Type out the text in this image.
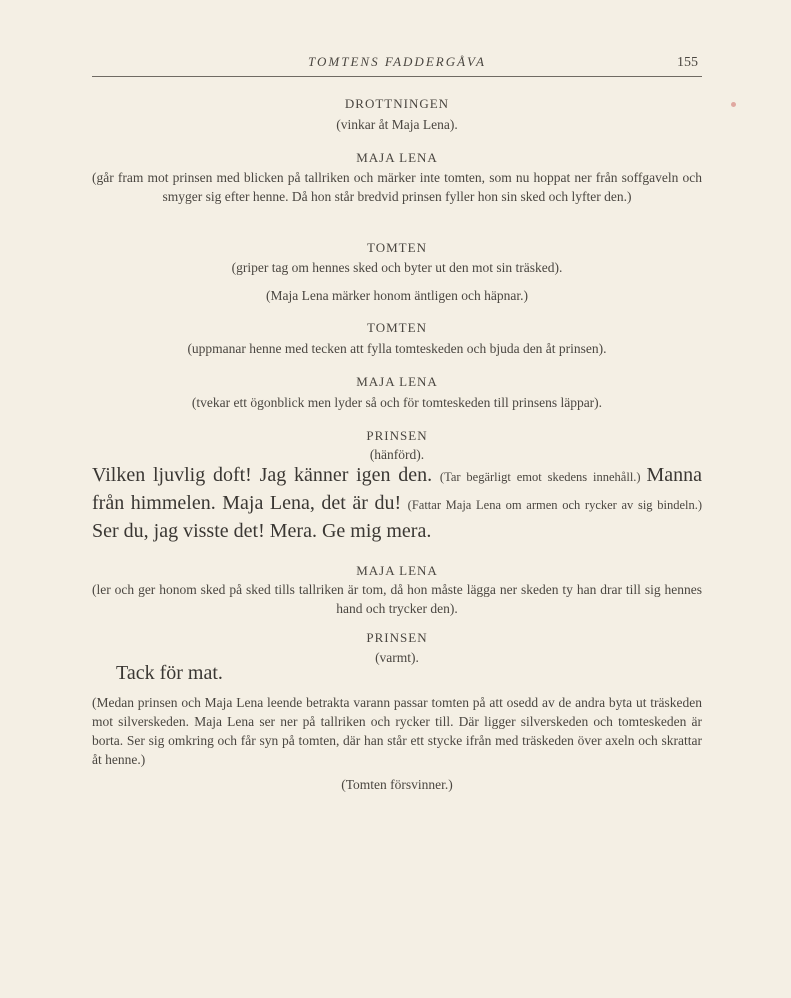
TOMTENS FADDERGÅVA	155
DROTTNINGEN
(vinkar åt Maja Lena).
MAJA LENA
(går fram mot prinsen med blicken på tallriken och märker inte tomten, som nu hoppat ner från soffgaveln och smyger sig efter henne. Då hon står bredvid prinsen fyller hon sin sked och lyfter den.)
TOMTEN
(griper tag om hennes sked och byter ut den mot sin träsked).
(Maja Lena märker honom äntligen och häpnar.)
TOMTEN
(uppmanar henne med tecken att fylla tomteskeden och bjuda den åt prinsen).
MAJA LENA
(tvekar ett ögonblick men lyder så och för tomteskeden till prinsens läppar).
PRINSEN
(hänförd).
Vilken ljuvlig doft! Jag känner igen den. (Tar begärligt emot skedens innehåll.) Manna från himmelen. Maja Lena, det är du! (Fattar Maja Lena om armen och rycker av sig bindeln.) Ser du, jag visste det! Mera. Ge mig mera.
MAJA LENA
(ler och ger honom sked på sked tills tallriken är tom, då hon måste lägga ner skeden ty han drar till sig hennes hand och trycker den).
PRINSEN
(varmt).
Tack för mat.
(Medan prinsen och Maja Lena leende betrakta varann passar tomten på att osedd av de andra byta ut träskeden mot silverskeden. Maja Lena ser ner på tallriken och rycker till. Där ligger silverskeden och tomteskeden är borta. Ser sig omkring och får syn på tomten, där han står ett stycke ifrån med träskeden över axeln och skrattar åt henne.)
(Tomten försvinner.)
